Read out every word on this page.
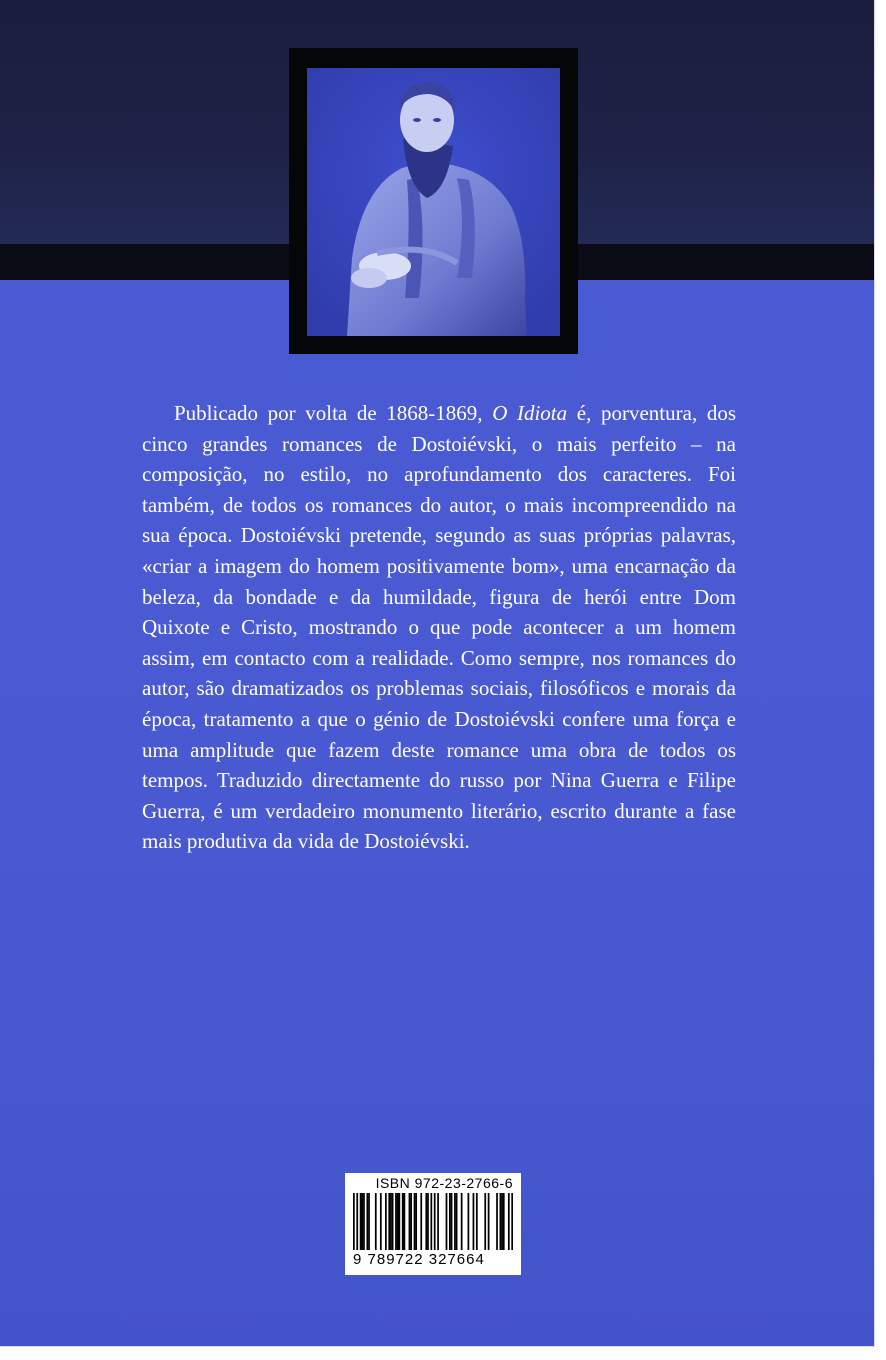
Publicado por volta de 1868-1869, O Idiota é, porventura, dos cinco grandes romances de Dostoiévski, o mais perfeito – na composição, no estilo, no aprofundamento dos caracteres. Foi também, de todos os romances do autor, o mais incompreendido na sua época. Dostoiévski pretende, segundo as suas próprias palavras, «criar a imagem do homem positivamente bom», uma encarnação da beleza, da bondade e da humildade, figura de herói entre Dom Quixote e Cristo, mostrando o que pode acontecer a um homem assim, em contacto com a realidade. Como sempre, nos romances do autor, são dramatizados os problemas sociais, filosóficos e morais da época, tratamento a que o génio de Dostoiévski confere uma força e uma amplitude que fazem deste romance uma obra de todos os tempos. Traduzido directamente do russo por Nina Guerra e Filipe Guerra, é um verdadeiro monumento literário, escrito durante a fase mais produtiva da vida de Dostoiévski.

ISBN 972-23-2766-6
9 789722 327664
